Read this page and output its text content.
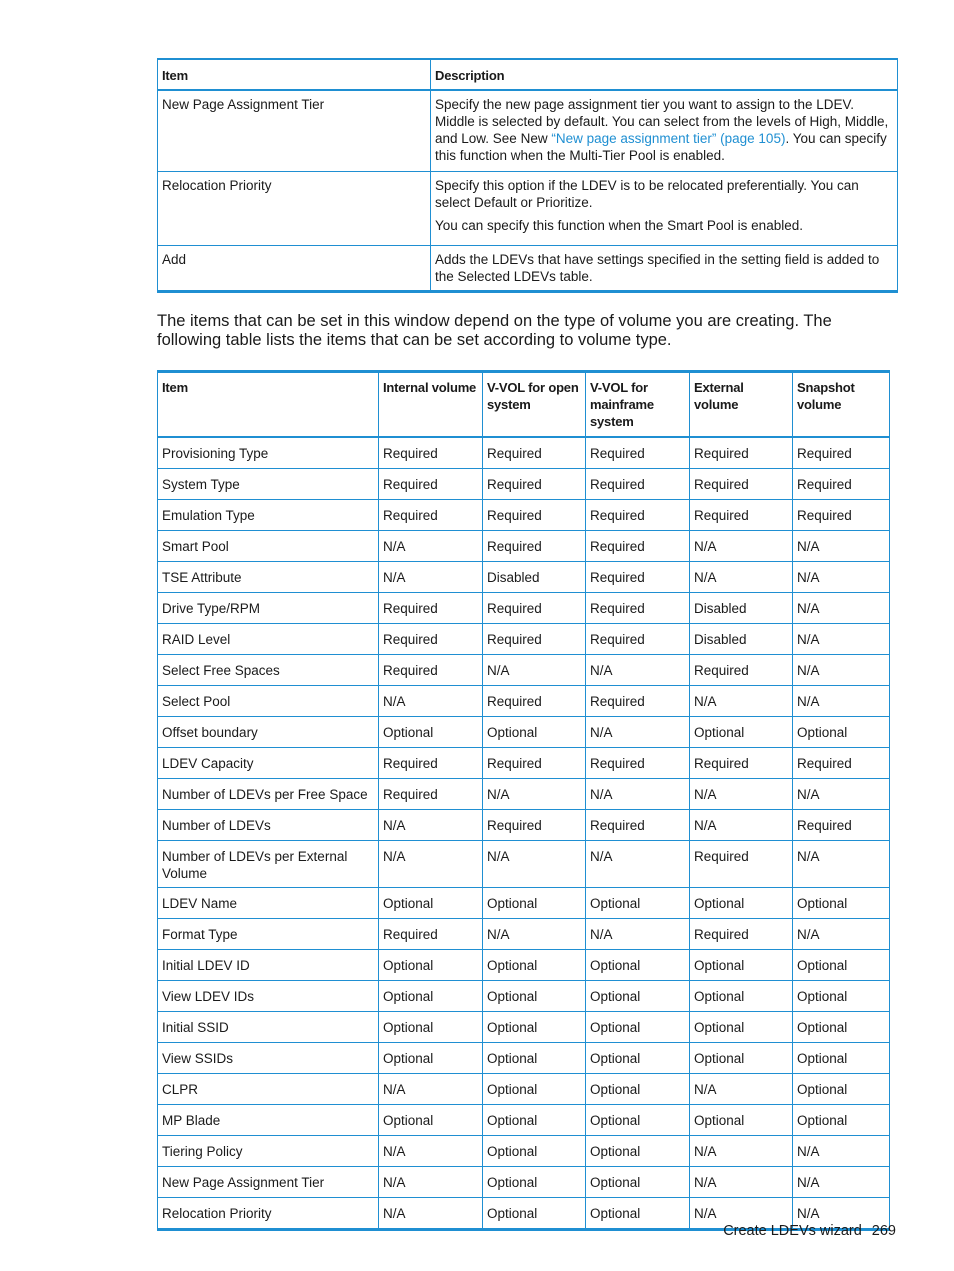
Item	Description
New Page Assignment Tier	Specify the new page assignment tier you want to assign to the LDEV. Middle is selected by default. You can select from the levels of High, Middle, and Low. See New “New page assignment tier” (page 105). You can specify this function when the Multi-Tier Pool is enabled.
Relocation Priority	Specify this option if the LDEV is to be relocated preferentially. You can select Default or Prioritize.

You can specify this function when the Smart Pool is enabled.

Add	Adds the LDEVs that have settings specified in the setting field is added to the Selected LDEVs table.

The items that can be set in this window depend on the type of volume you are creating. The following table lists the items that can be set according to volume type.

Item	Internal volume	V-VOL for open system	V-VOL for mainframe system	External volume	Snapshot volume
Provisioning Type	Required	Required	Required	Required	Required
System Type	Required	Required	Required	Required	Required
Emulation Type	Required	Required	Required	Required	Required
Smart Pool	N/A	Required	Required	N/A	N/A
TSE Attribute	N/A	Disabled	Required	N/A	N/A
Drive Type/RPM	Required	Required	Required	Disabled	N/A
RAID Level	Required	Required	Required	Disabled	N/A
Select Free Spaces	Required	N/A	N/A	Required	N/A
Select Pool	N/A	Required	Required	N/A	N/A
Offset boundary	Optional	Optional	N/A	Optional	Optional
LDEV Capacity	Required	Required	Required	Required	Required
Number of LDEVs per Free Space	Required	N/A	N/A	N/A	N/A
Number of LDEVs	N/A	Required	Required	N/A	Required
Number of LDEVs per External Volume	N/A	N/A	N/A	Required	N/A
LDEV Name	Optional	Optional	Optional	Optional	Optional
Format Type	Required	N/A	N/A	Required	N/A
Initial LDEV ID	Optional	Optional	Optional	Optional	Optional
View LDEV IDs	Optional	Optional	Optional	Optional	Optional
Initial SSID	Optional	Optional	Optional	Optional	Optional
View SSIDs	Optional	Optional	Optional	Optional	Optional
CLPR	N/A	Optional	Optional	N/A	Optional
MP Blade	Optional	Optional	Optional	Optional	Optional
Tiering Policy	N/A	Optional	Optional	N/A	N/A
New Page Assignment Tier	N/A	Optional	Optional	N/A	N/A
Relocation Priority	N/A	Optional	Optional	N/A	N/A
Create LDEVs wizard 269
